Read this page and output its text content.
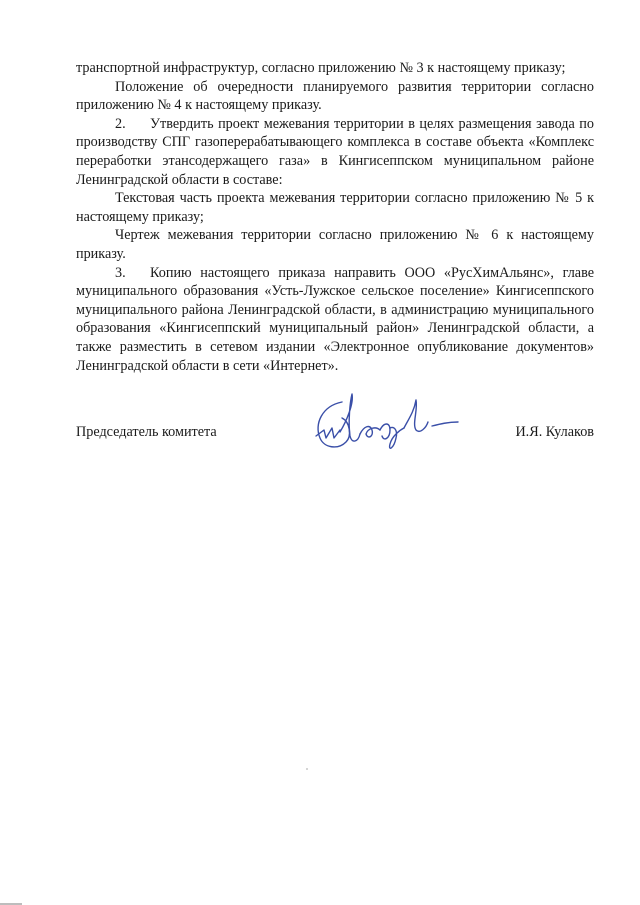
транспортной инфраструктур, согласно приложению № 3 к настоящему приказу;

Положение об очередности планируемого развития территории согласно приложению № 4 к настоящему приказу.

2. Утвердить проект межевания территории в целях размещения завода по производству СПГ газоперерабатывающего комплекса в составе объекта «Комплекс переработки этансодержащего газа» в Кингисеппском муниципальном районе Ленинградской области в составе:

Текстовая часть проекта межевания территории согласно приложению № 5 к настоящему приказу;

Чертеж межевания территории согласно приложению № 6 к настоящему приказу.

3. Копию настоящего приказа направить ООО «РусХимАльянс», главе муниципального образования «Усть-Лужское сельское поселение» Кингисеппского муниципального района Ленинградской области, в администрацию муниципального образования «Кингисеппский муниципальный район» Ленинградской области, а также разместить в сетевом издании «Электронное опубликование документов» Ленинградской области в сети «Интернет».

Председатель комитета	И.Я. Кулаков
